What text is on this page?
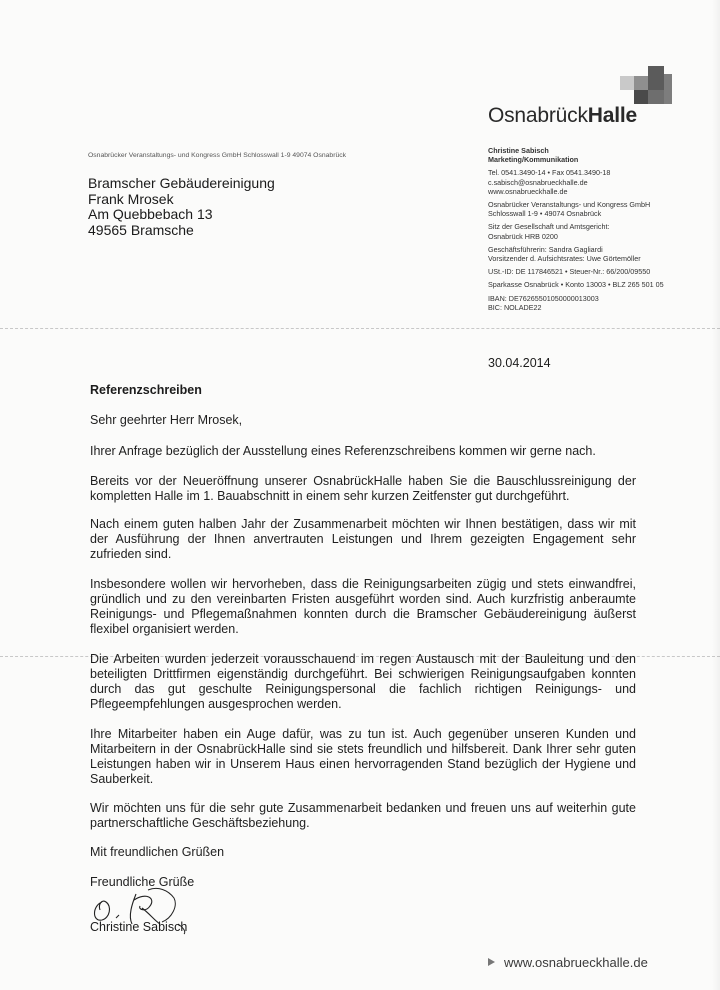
OsnabrückHalle
Osnabrücker Veranstaltungs- und Kongress GmbH Schlosswall 1-9 49074 Osnabrück
Bramscher Gebäudereinigung
Frank Mrosek
Am Quebbebach 13
49565 Bramsche
Christine Sabisch
Marketing/Kommunikation
Tel. 0541.3490-14 • Fax 0541.3490-18
c.sabisch@osnabrueckhalle.de
www.osnabrueckhalle.de
Osnabrücker Veranstaltungs- und Kongress GmbH
Schlosswall 1-9 • 49074 Osnabrück
Sitz der Gesellschaft und Amtsgericht:
Osnabrück HRB 0200
Geschäftsführerin: Sandra Gagliardi
Vorsitzender d. Aufsichtsrates: Uwe Görtemöller
USt.-ID: DE 117846521 • Steuer-Nr.: 66/200/09550
Sparkasse Osnabrück • Konto 13003 • BLZ 265 501 05
IBAN: DE76265501050000013003
BIC: NOLADE22
30.04.2014
Referenzschreiben
Sehr geehrter Herr Mrosek,
Ihrer Anfrage bezüglich der Ausstellung eines Referenzschreibens kommen wir gerne nach.
Bereits vor der Neueröffnung unserer OsnabrückHalle haben Sie die Bauschlussreinigung der kompletten Halle im 1. Bauabschnitt in einem sehr kurzen Zeitfenster gut durchgeführt.
Nach einem guten halben Jahr der Zusammenarbeit möchten wir Ihnen bestätigen, dass wir mit der Ausführung der Ihnen anvertrauten Leistungen und Ihrem gezeigten Engagement sehr zufrieden sind.
Insbesondere wollen wir hervorheben, dass die Reinigungsarbeiten zügig und stets einwandfrei, gründlich und zu den vereinbarten Fristen ausgeführt worden sind. Auch kurzfristig anberaumte Reinigungs- und Pflegemaßnahmen konnten durch die Bramscher Gebäudereinigung äußerst flexibel organisiert werden.
Die Arbeiten wurden jederzeit vorausschauend im regen Austausch mit der Bauleitung und den beteiligten Drittfirmen eigenständig durchgeführt. Bei schwierigen Reinigungsaufgaben konnten durch das gut geschulte Reinigungspersonal die fachlich richtigen Reinigungs- und Pflegeempfehlungen ausgesprochen werden.
Ihre Mitarbeiter haben ein Auge dafür, was zu tun ist. Auch gegenüber unseren Kunden und Mitarbeitern in der OsnabrückHalle sind sie stets freundlich und hilfsbereit. Dank Ihrer sehr guten Leistungen haben wir in Unserem Haus einen hervorragenden Stand bezüglich der Hygiene und Sauberkeit.
Wir möchten uns für die sehr gute Zusammenarbeit bedanken und freuen uns auf weiterhin gute partnerschaftliche Geschäftsbeziehung.
Mit freundlichen Grüßen
Freundliche Grüße
Christine Sabisch
www.osnabrueckhalle.de
